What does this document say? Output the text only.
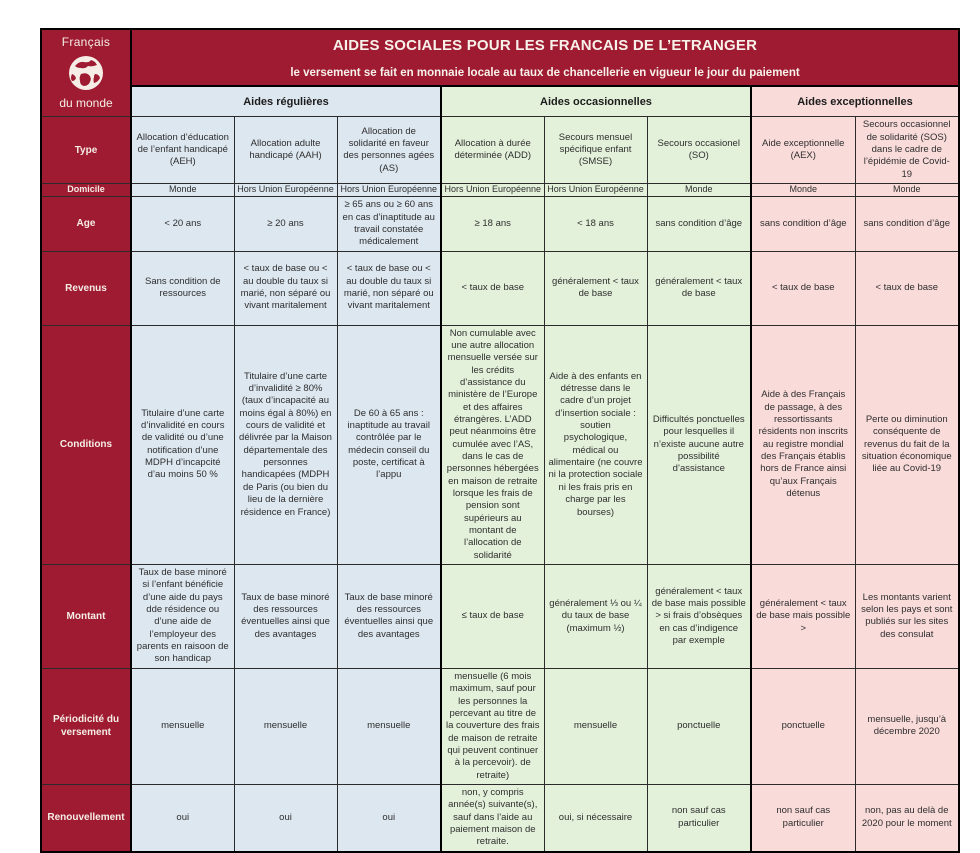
Français
du monde

AIDES SOCIALES POUR LES FRANCAIS DE L’ETRANGER
le versement se fait en monnaie locale au taux de chancellerie en vigueur le jour du paiement

	Aides régulières			Aides occasionnelles			Aides exceptionnelles	
Type	Allocation d’éducation de l’enfant handicapé (AEH)	Allocation adulte handicapé (AAH)	Allocation de solidarité en faveur des personnes agées (AS)	Allocation à durée déterminée (ADD)	Secours mensuel spécifique enfant (SMSE)	Secours occasionel (SO)	Aide exceptionnelle (AEX)	Secours occasionnel de solidarité (SOS) dans le cadre de l’épidémie de Covid-19
Domicile	Monde	Hors Union Européenne	Hors Union Européenne	Hors Union Européenne	Hors Union Européenne	Monde	Monde	Monde
Age	< 20 ans	≥ 20 ans	≥ 65 ans ou ≥ 60 ans en cas d’inaptitude au travail constatée médicalement	≥ 18 ans	< 18 ans	sans condition d’âge	sans condition d’âge	sans condition d’âge
Revenus	Sans condition de ressources	< taux de base ou < au double du taux si marié, non séparé ou vivant maritalement	< taux de base ou < au double du taux si marié, non séparé ou vivant maritalement	< taux de base	généralement < taux de base	généralement < taux de base	< taux de base	< taux de base
Conditions	Titulaire d’une carte d’invalidité en cours de validité ou d’une notification d’une MDPH d’incapcité d’au moins 50 %	Titulaire d’une carte d’invalidité ≥ 80% (taux d’incapacité au moins égal à 80%) en cours de validité et délivrée par la Maison départementale des personnes handicapées (MDPH de Paris (ou bien du lieu de la dernière résidence en France)	De 60 à 65 ans : inaptitude au travail contrôlée par le médecin conseil du poste, certificat à l’appu	Non cumulable avec une autre allocation mensuelle versée sur les crédits d’assistance du ministère de l’Europe et des affaires étrangères. L’ADD peut néanmoins être cumulée avec l’AS, dans le cas de personnes hébergées en maison de retraite lorsque les frais de pension sont supérieurs au montant de l’allocation de solidarité	Aide à des enfants en détresse dans le cadre d’un projet d’insertion sociale : soutien psychologique, médical ou alimentaire (ne couvre ni la protection sociale ni les frais pris en charge par les bourses)	Difficultés ponctuelles pour lesquelles il n’existe aucune autre possibilité d’assistance	Aide à des Français de passage, à des ressortissants résidents non inscrits au registre mondial des Français établis hors de France ainsi qu’aux Français détenus	Perte ou diminution conséquente de revenus du fait de la situation économique liée au Covid-19
Montant	Taux de base minoré si l’enfant bénéficie d’une aide du pays dde résidence ou d’une aide de l’employeur des parents en raisoon de son handicap	Taux de base minoré des ressources éventuelles ainsi que des avantages	Taux de base minoré des ressources éventuelles ainsi que des avantages	≤ taux de base	généralement ⅓ ou ¼ du taux de base (maximum ½)	généralement < taux de base mais possible > si frais d’obsèques en cas d’indigence par exemple	généralement < taux de base mais possible >	Les montants varient selon les pays et sont publiés sur les sites des consulat
Périodicité du versement	mensuelle	mensuelle	mensuelle	mensuelle (6 mois maximum, sauf pour les personnes la percevant au titre de la couverture des frais de maison de retraite qui peuvent continuer à la percevoir). de retraite)	mensuelle	ponctuelle	ponctuelle	mensuelle, jusqu’à décembre 2020
Renouvellement	oui	oui	oui	non, y compris année(s) suivante(s), sauf dans l’aide au paiement maison de retraite.	oui, si nécessaire	non sauf cas particulier	non sauf cas particulier	non, pas au delà de 2020 pour le moment
